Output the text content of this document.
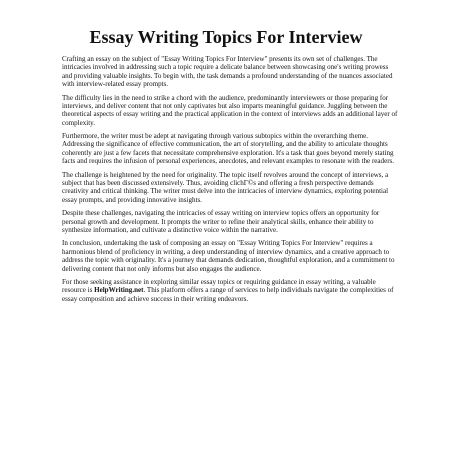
Essay Writing Topics For Interview

Crafting an essay on the subject of "Essay Writing Topics For Interview" presents its own set of challenges. The intricacies involved in addressing such a topic require a delicate balance between showcasing one's writing prowess and providing valuable insights. To begin with, the task demands a profound understanding of the nuances associated with interview-related essay prompts.

The difficulty lies in the need to strike a chord with the audience, predominantly interviewers or those preparing for interviews, and deliver content that not only captivates but also imparts meaningful guidance. Juggling between the theoretical aspects of essay writing and the practical application in the context of interviews adds an additional layer of complexity.

Furthermore, the writer must be adept at navigating through various subtopics within the overarching theme. Addressing the significance of effective communication, the art of storytelling, and the ability to articulate thoughts coherently are just a few facets that necessitate comprehensive exploration. It's a task that goes beyond merely stating facts and requires the infusion of personal experiences, anecdotes, and relevant examples to resonate with the readers.

The challenge is heightened by the need for originality. The topic itself revolves around the concept of interviews, a subject that has been discussed extensively. Thus, avoiding clichГ©s and offering a fresh perspective demands creativity and critical thinking. The writer must delve into the intricacies of interview dynamics, exploring potential essay prompts, and providing innovative insights.

Despite these challenges, navigating the intricacies of essay writing on interview topics offers an opportunity for personal growth and development. It prompts the writer to refine their analytical skills, enhance their ability to synthesize information, and cultivate a distinctive voice within the narrative.

In conclusion, undertaking the task of composing an essay on "Essay Writing Topics For Interview" requires a harmonious blend of proficiency in writing, a deep understanding of interview dynamics, and a creative approach to address the topic with originality. It's a journey that demands dedication, thoughtful exploration, and a commitment to delivering content that not only informs but also engages the audience.

For those seeking assistance in exploring similar essay topics or requiring guidance in essay writing, a valuable resource is HelpWriting.net. This platform offers a range of services to help individuals navigate the complexities of essay composition and achieve success in their writing endeavors.
